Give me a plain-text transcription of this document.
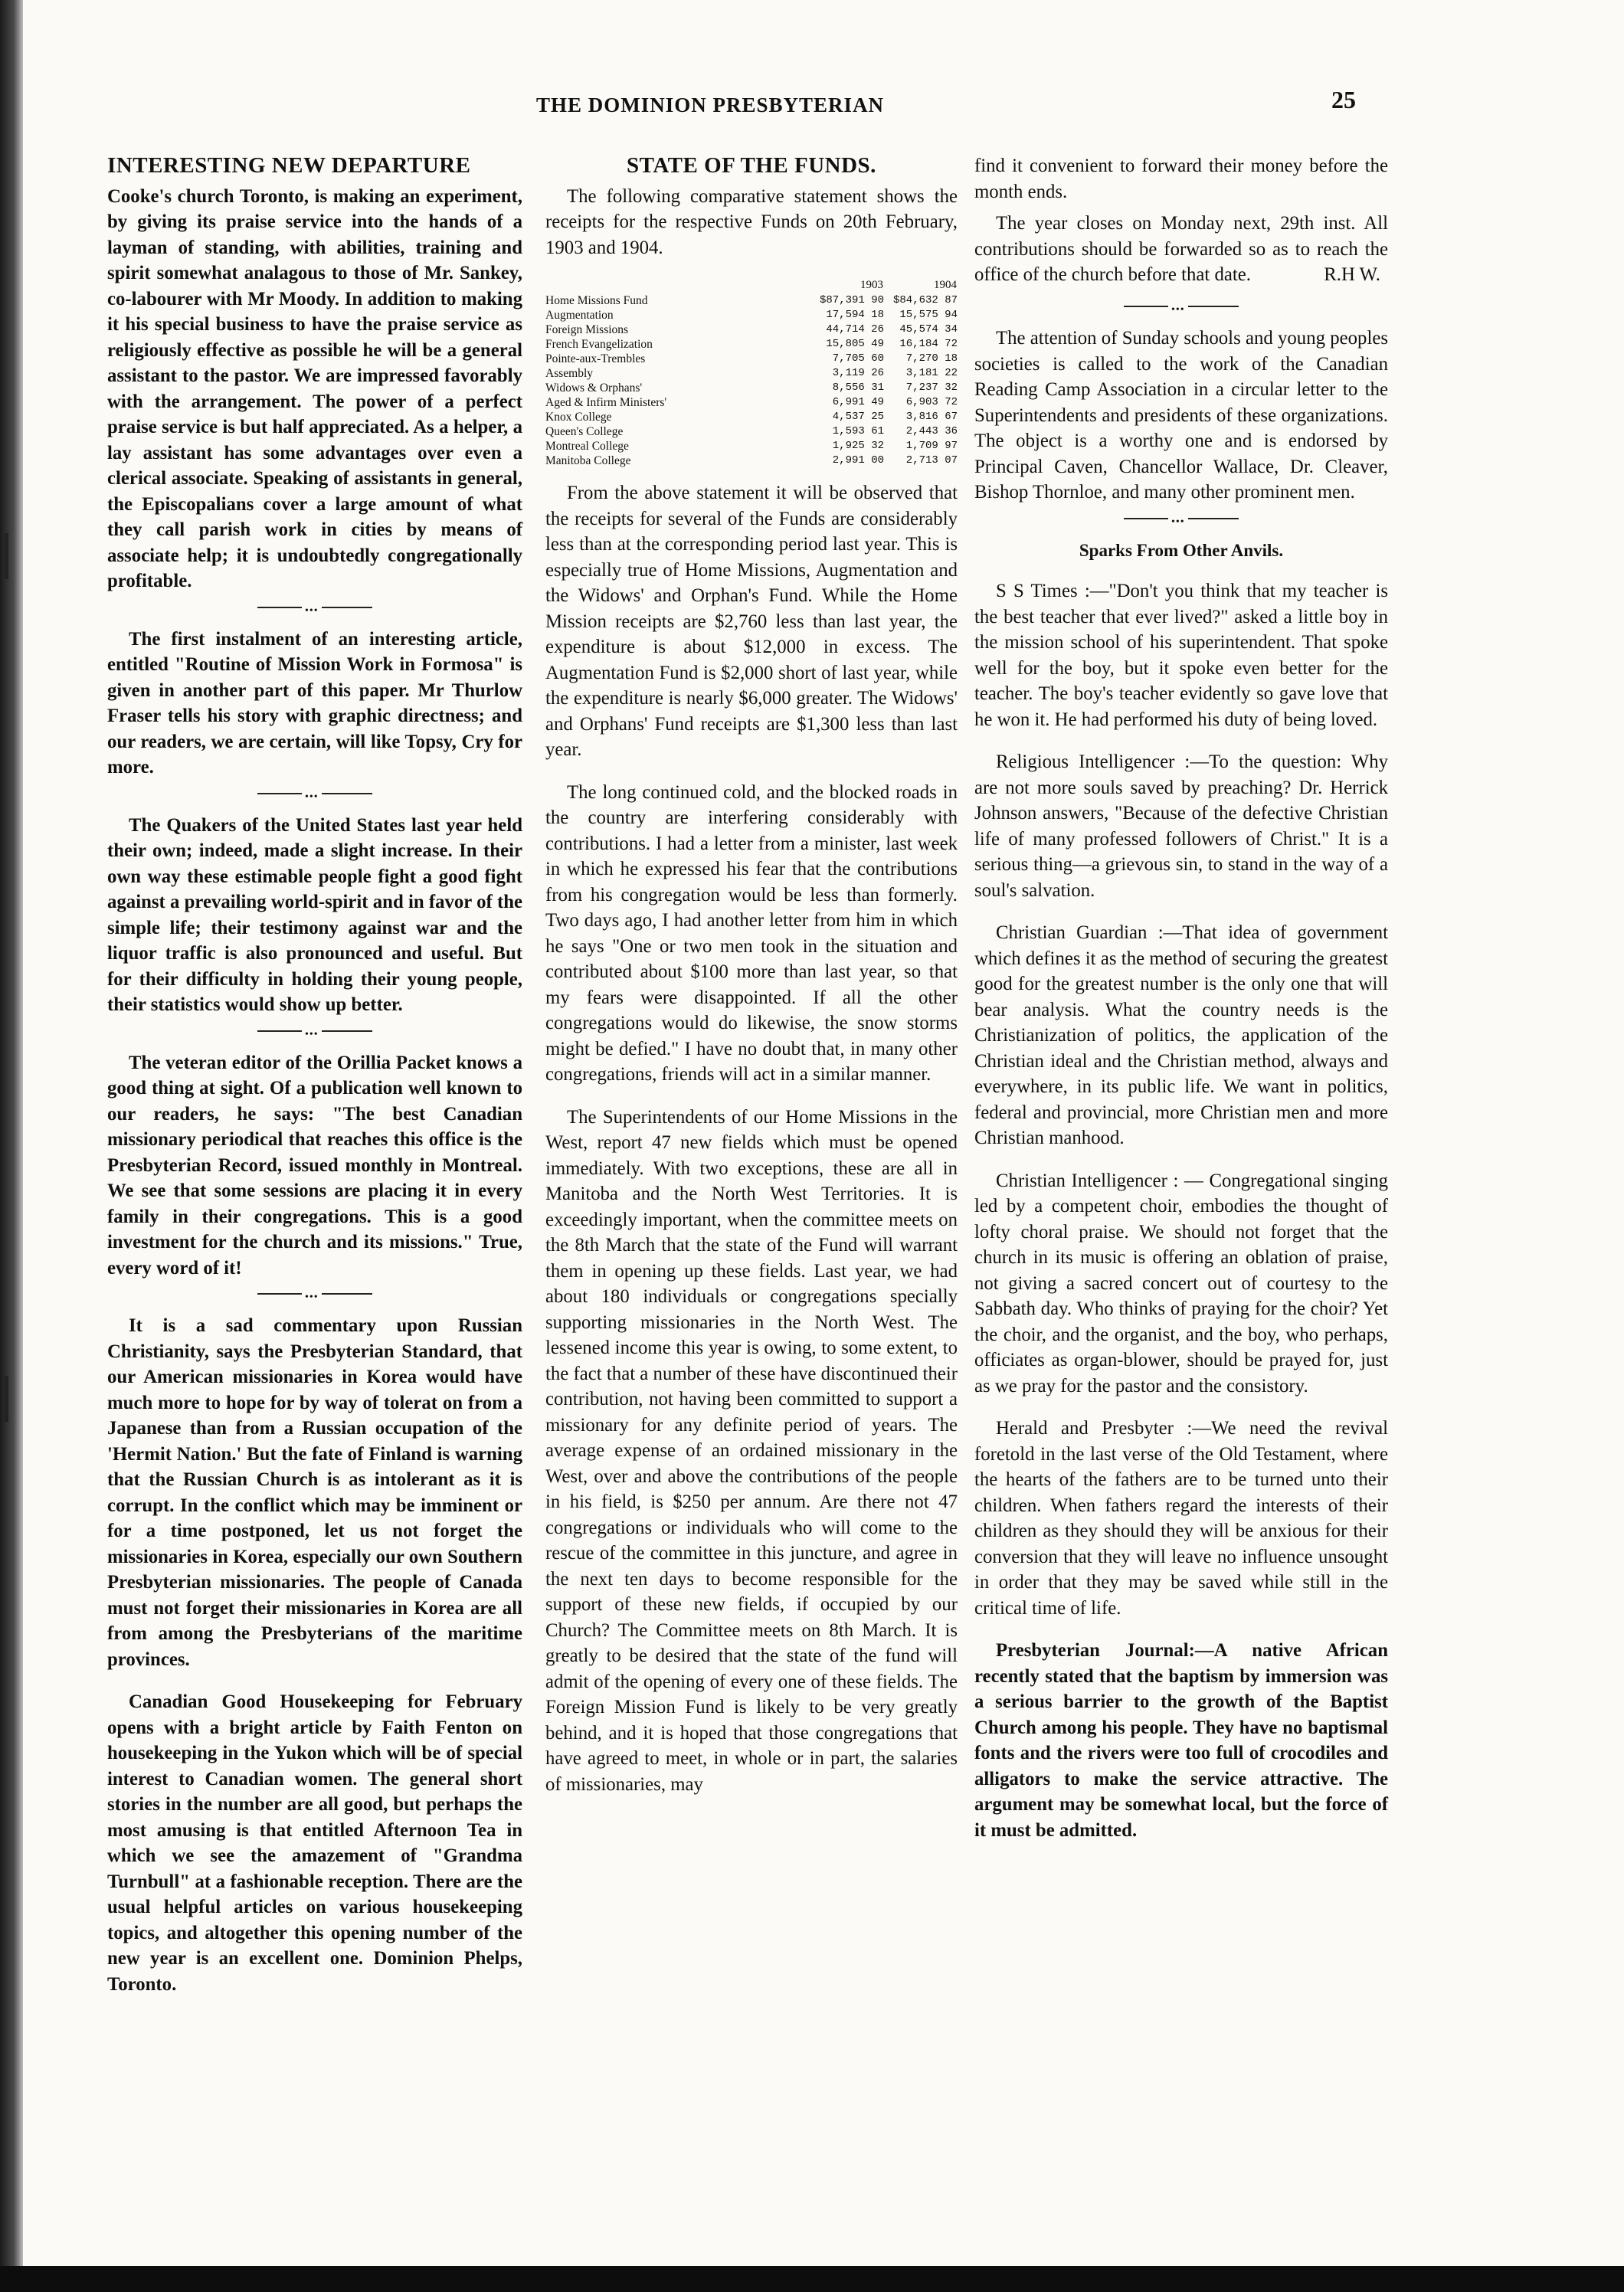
THE DOMINION PRESBYTERIAN	25
⎸
⎸
INTERESTING NEW DEPARTURE

Cooke's church Toronto, is making an experiment, by giving its praise service into the hands of a layman of standing, with abilities, training and spirit somewhat analagous to those of Mr. Sankey, co-labourer with Mr Moody. In addition to making it his special business to have the praise service as religiously effective as possible he will be a general assistant to the pastor. We are impressed favorably with the arrangement. The power of a perfect praise service is but half appreciated. As a helper, a lay assistant has some advantages over even a clerical associate. Speaking of assistants in general, the Episcopalians cover a large amount of what they call parish work in cities by means of associate help; it is undoubtedly congregationally profitable.

•••

The first instalment of an interesting article, entitled "Routine of Mission Work in Formosa" is given in another part of this paper. Mr Thurlow Fraser tells his story with graphic directness; and our readers, we are certain, will like Topsy, Cry for more.

•••

The Quakers of the United States last year held their own; indeed, made a slight increase. In their own way these estimable people fight a good fight against a prevailing world-spirit and in favor of the simple life; their testimony against war and the liquor traffic is also pronounced and useful. But for their difficulty in holding their young people, their statistics would show up better.

•••

The veteran editor of the Orillia Packet knows a good thing at sight. Of a publication well known to our readers, he says: "The best Canadian missionary periodical that reaches this office is the Presbyterian Record, issued monthly in Montreal. We see that some sessions are placing it in every family in their congregations. This is a good investment for the church and its missions." True, every word of it!

•••

It is a sad commentary upon Russian Christianity, says the Presbyterian Standard, that our American missionaries in Korea would have much more to hope for by way of tolerat on from a Japanese than from a Russian occupation of the 'Hermit Nation.' But the fate of Finland is warning that the Russian Church is as intolerant as it is corrupt. In the conflict which may be imminent or for a time postponed, let us not forget the missionaries in Korea, especially our own Southern Presbyterian missionaries. The people of Canada must not forget their missionaries in Korea are all from among the Presbyterians of the maritime provinces.

Canadian Good Housekeeping for February opens with a bright article by Faith Fenton on housekeeping in the Yukon which will be of special interest to Canadian women. The general short stories in the number are all good, but perhaps the most amusing is that entitled Afternoon Tea in which we see the amazement of "Grandma Turnbull" at a fashionable reception. There are the usual helpful articles on various housekeeping topics, and altogether this opening number of the new year is an excellent one. Dominion Phelps, Toronto.

STATE OF THE FUNDS.

The following comparative statement shows the receipts for the respective Funds on 20th February, 1903 and 1904.

	1903	1904
Home Missions Fund	$87,391 90	$84,632 87
Augmentation	17,594 18	15,575 94
Foreign Missions	44,714 26	45,574 34
French Evangelization	15,805 49	16,184 72
Pointe-aux-Trembles	7,705 60	7,270 18
Assembly	3,119 26	3,181 22
Widows & Orphans'	8,556 31	7,237 32
Aged & Infirm Ministers'	6,991 49	6,903 72
Knox College	4,537 25	3,816 67
Queen's College	1,593 61	2,443 36
Montreal College	1,925 32	1,709 97
Manitoba College	2,991 00	2,713 07

From the above statement it will be observed that the receipts for several of the Funds are considerably less than at the corresponding period last year. This is especially true of Home Missions, Augmentation and the Widows' and Orphan's Fund. While the Home Mission receipts are $2,760 less than last year, the expenditure is about $12,000 in excess. The Augmentation Fund is $2,000 short of last year, while the expenditure is nearly $6,000 greater. The Widows' and Orphans' Fund receipts are $1,300 less than last year.

The long continued cold, and the blocked roads in the country are interfering considerably with contributions. I had a letter from a minister, last week in which he expressed his fear that the contributions from his congregation would be less than formerly. Two days ago, I had another letter from him in which he says "One or two men took in the situation and contributed about $100 more than last year, so that my fears were disappointed. If all the other congregations would do likewise, the snow storms might be defied." I have no doubt that, in many other congregations, friends will act in a similar manner.

The Superintendents of our Home Missions in the West, report 47 new fields which must be opened immediately. With two exceptions, these are all in Manitoba and the North West Territories. It is exceedingly important, when the committee meets on the 8th March that the state of the Fund will warrant them in opening up these fields. Last year, we had about 180 individuals or congregations specially supporting missionaries in the North West. The lessened income this year is owing, to some extent, to the fact that a number of these have discontinued their contribution, not having been committed to support a missionary for any definite period of years. The average expense of an ordained missionary in the West, over and above the contributions of the people in his field, is $250 per annum. Are there not 47 congregations or individuals who will come to the rescue of the committee in this juncture, and agree in the next ten days to become responsible for the support of these new fields, if occupied by our Church? The Committee meets on 8th March. It is greatly to be desired that the state of the fund will admit of the opening of every one of these fields. The Foreign Mission Fund is likely to be very greatly behind, and it is hoped that those congregations that have agreed to meet, in whole or in part, the salaries of missionaries, may

find it convenient to forward their money before the month ends.

The year closes on Monday next, 29th inst. All contributions should be forwarded so as to reach the office of the church before that date.	R.H W.
•••

The attention of Sunday schools and young peoples societies is called to the work of the Canadian Reading Camp Association in a circular letter to the Superintendents and presidents of these organizations. The object is a worthy one and is endorsed by Principal Caven, Chancellor Wallace, Dr. Cleaver, Bishop Thornloe, and many other prominent men.

•••
Sparks From Other Anvils.

S S Times :—"Don't you think that my teacher is the best teacher that ever lived?" asked a little boy in the mission school of his superintendent. That spoke well for the boy, but it spoke even better for the teacher. The boy's teacher evidently so gave love that he won it. He had performed his duty of being loved.

Religious Intelligencer :—To the question: Why are not more souls saved by preaching? Dr. Herrick Johnson answers, "Because of the defective Christian life of many professed followers of Christ." It is a serious thing—a grievous sin, to stand in the way of a soul's salvation.

Christian Guardian :—That idea of government which defines it as the method of securing the greatest good for the greatest number is the only one that will bear analysis. What the country needs is the Christianization of politics, the application of the Christian ideal and the Christian method, always and everywhere, in its public life. We want in politics, federal and provincial, more Christian men and more Christian manhood.

Christian Intelligencer : — Congregational singing led by a competent choir, embodies the thought of lofty choral praise. We should not forget that the church in its music is offering an oblation of praise, not giving a sacred concert out of courtesy to the Sabbath day. Who thinks of praying for the choir? Yet the choir, and the organist, and the boy, who perhaps, officiates as organ-blower, should be prayed for, just as we pray for the pastor and the consistory.

Herald and Presbyter :—We need the revival foretold in the last verse of the Old Testament, where the hearts of the fathers are to be turned unto their children. When fathers regard the interests of their children as they should they will be anxious for their conversion that they will leave no influence unsought in order that they may be saved while still in the critical time of life.

Presbyterian Journal:—A native African recently stated that the baptism by immersion was a serious barrier to the growth of the Baptist Church among his people. They have no baptismal fonts and the rivers were too full of crocodiles and alligators to make the service attractive. The argument may be somewhat local, but the force of it must be admitted.
